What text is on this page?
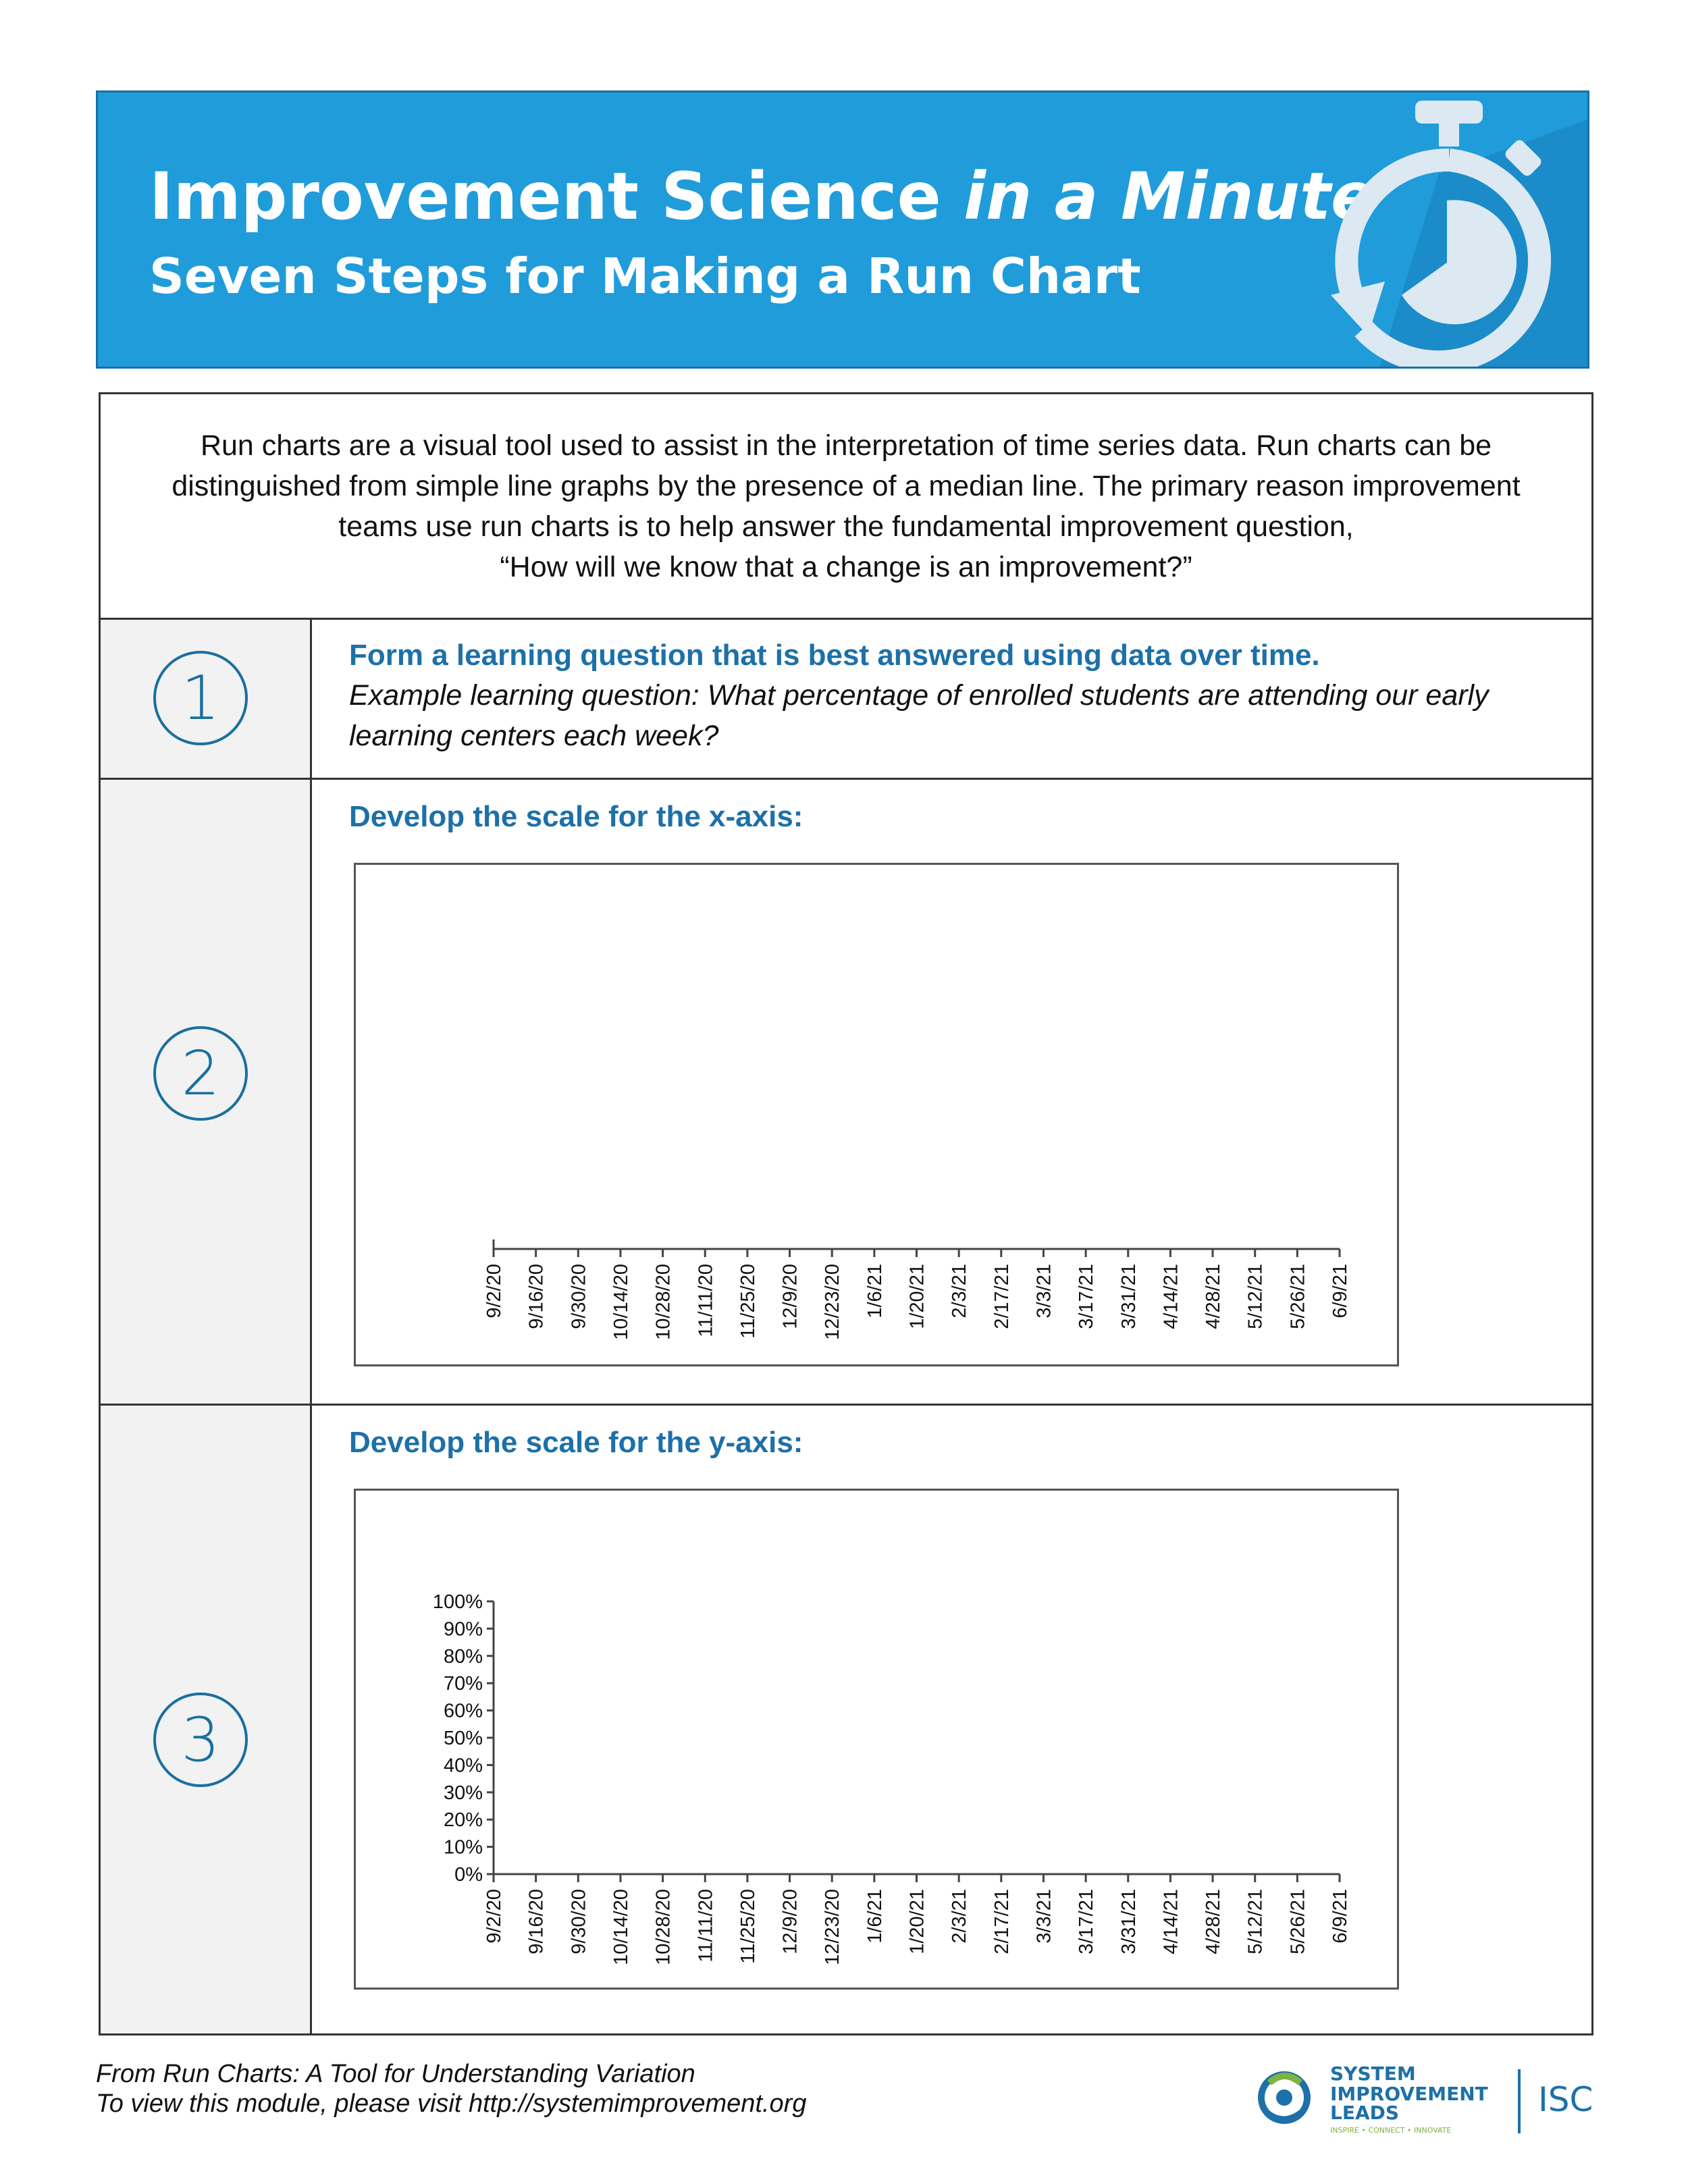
Improvement Science in a Minute
Seven Steps for Making a Run Chart

Run charts are a visual tool used to assist in the interpretation of time series data. Run charts can be

distinguished from simple line graphs by the presence of a median line. The primary reason improvement

teams use run charts is to help answer the fundamental improvement question,

“How will we know that a change is an improvement?”

1

Form a learning question that is best answered using data over time.

Example learning question: What percentage of enrolled students are attending our early
learning centers each week?

2

Develop the scale for the x-axis:

9/2/20 9/16/20 9/30/20 10/14/20 10/28/20 11/11/20 11/25/20 12/9/20 12/23/20 1/6/21 1/20/21 2/3/21 2/17/21 3/3/21 3/17/21 3/31/21 4/14/21 4/28/21 5/12/21 5/26/21 6/9/21
3

Develop the scale for the y-axis:

9/2/20 9/16/20 9/30/20 10/14/20 10/28/20 11/11/20 11/25/20 12/9/20 12/23/20 1/6/21 1/20/21 2/3/21 2/17/21 3/3/21 3/17/21 3/31/21 4/14/21 4/28/21 5/12/21 5/26/21 6/9/21
0%
10%
20%
30%
40%
50%
60%
70%
80%
90%
100%
From Run Charts: A Tool for Understanding Variation
To view this module, please visit http://systemimprovement.org
SYSTEM
IMPROVEMENT
LEADS
INSPIRE • CONNECT • INNOVATE
ISC
